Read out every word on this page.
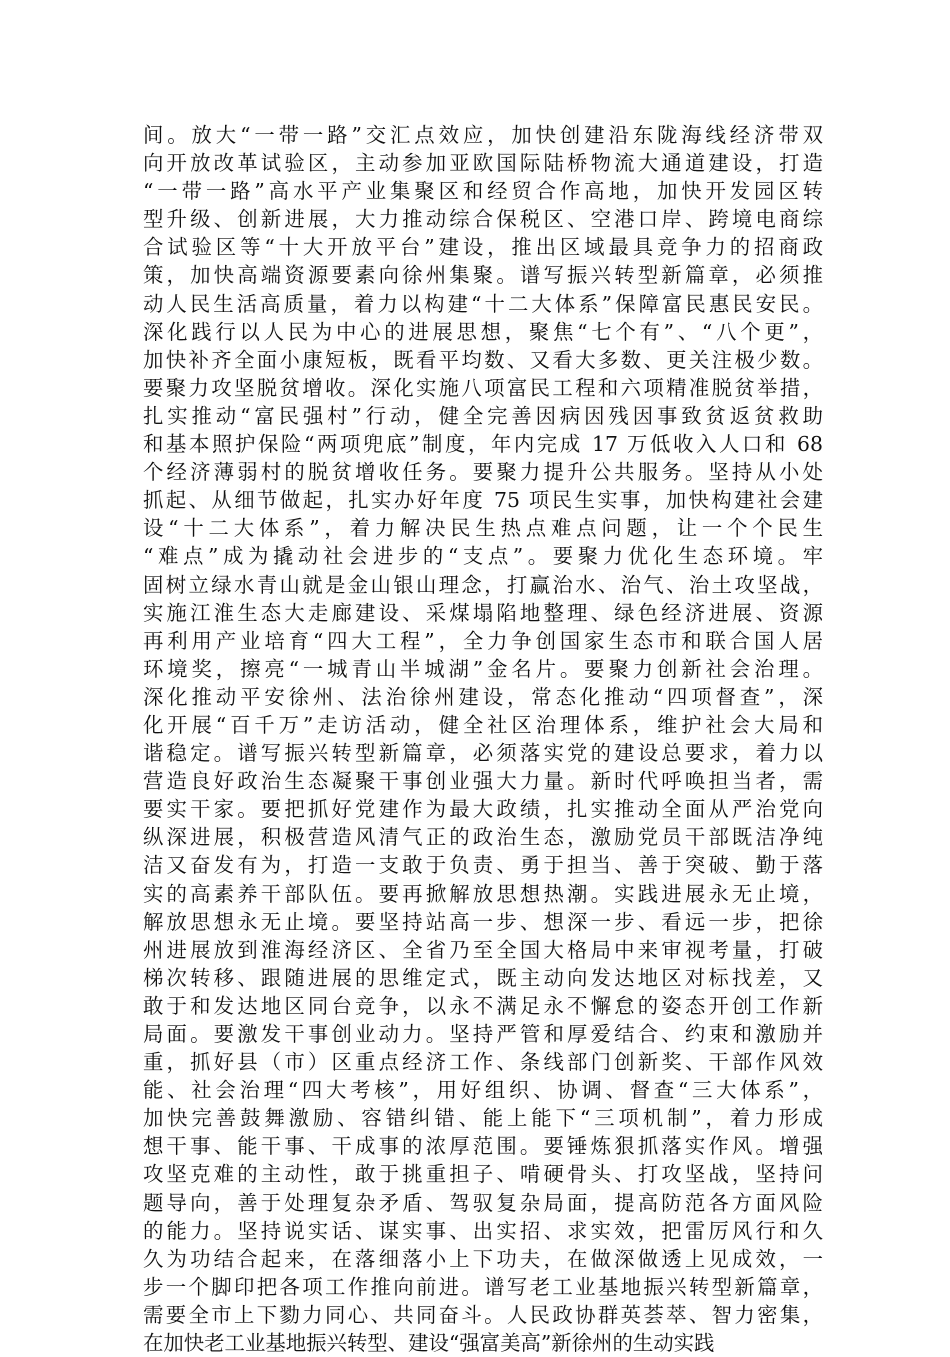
间。放大“一带一路”交汇点效应，加快创建沿东陇海线经济带双
向开放改革试验区，主动参加亚欧国际陆桥物流大通道建设，打造
“一带一路”高水平产业集聚区和经贸合作高地，加快开发园区转
型升级、创新进展，大力推动综合保税区、空港口岸、跨境电商综
合试验区等“十大开放平台”建设，推出区域最具竞争力的招商政
策，加快高端资源要素向徐州集聚。谱写振兴转型新篇章，必须推
动人民生活高质量，着力以构建“十二大体系”保障富民惠民安民。
深化践行以人民为中心的进展思想，聚焦“七个有”、“八个更”，
加快补齐全面小康短板，既看平均数、又看大多数、更关注极少数。
要聚力攻坚脱贫增收。深化实施八项富民工程和六项精准脱贫举措，
扎实推动“富民强村”行动，健全完善因病因残因事致贫返贫救助
和基本照护保险“两项兜底”制度，年内完成 17 万低收入人口和 68
个经济薄弱村的脱贫增收任务。要聚力提升公共服务。坚持从小处
抓起、从细节做起，扎实办好年度 75 项民生实事，加快构建社会建
设“十二大体系”，着力解决民生热点难点问题，让一个个民生
“难点”成为撬动社会进步的“支点”。要聚力优化生态环境。牢
固树立绿水青山就是金山银山理念，打赢治水、治气、治土攻坚战，
实施江淮生态大走廊建设、采煤塌陷地整理、绿色经济进展、资源
再利用产业培育“四大工程”，全力争创国家生态市和联合国人居
环境奖，擦亮“一城青山半城湖”金名片。要聚力创新社会治理。
深化推动平安徐州、法治徐州建设，常态化推动“四项督查”，深
化开展“百千万”走访活动，健全社区治理体系，维护社会大局和
谐稳定。谱写振兴转型新篇章，必须落实党的建设总要求，着力以
营造良好政治生态凝聚干事创业强大力量。新时代呼唤担当者，需
要实干家。要把抓好党建作为最大政绩，扎实推动全面从严治党向
纵深进展，积极营造风清气正的政治生态，激励党员干部既洁净纯
洁又奋发有为，打造一支敢于负责、勇于担当、善于突破、勤于落
实的高素养干部队伍。要再掀解放思想热潮。实践进展永无止境，
解放思想永无止境。要坚持站高一步、想深一步、看远一步，把徐
州进展放到淮海经济区、全省乃至全国大格局中来审视考量，打破
梯次转移、跟随进展的思维定式，既主动向发达地区对标找差，又
敢于和发达地区同台竞争，以永不满足永不懈怠的姿态开创工作新
局面。要激发干事创业动力。坚持严管和厚爱结合、约束和激励并
重，抓好县（市）区重点经济工作、条线部门创新奖、干部作风效
能、社会治理“四大考核”，用好组织、协调、督查“三大体系”，
加快完善鼓舞激励、容错纠错、能上能下“三项机制”，着力形成
想干事、能干事、干成事的浓厚范围。要锤炼狠抓落实作风。增强
攻坚克难的主动性，敢于挑重担子、啃硬骨头、打攻坚战，坚持问
题导向，善于处理复杂矛盾、驾驭复杂局面，提高防范各方面风险
的能力。坚持说实话、谋实事、出实招、求实效，把雷厉风行和久
久为功结合起来，在落细落小上下功夫，在做深做透上见成效，一
步一个脚印把各项工作推向前进。谱写老工业基地振兴转型新篇章，
需要全市上下勠力同心、共同奋斗。人民政协群英荟萃、智力密集，
在加快老工业基地振兴转型、建设“强富美高”新徐州的生动实践
